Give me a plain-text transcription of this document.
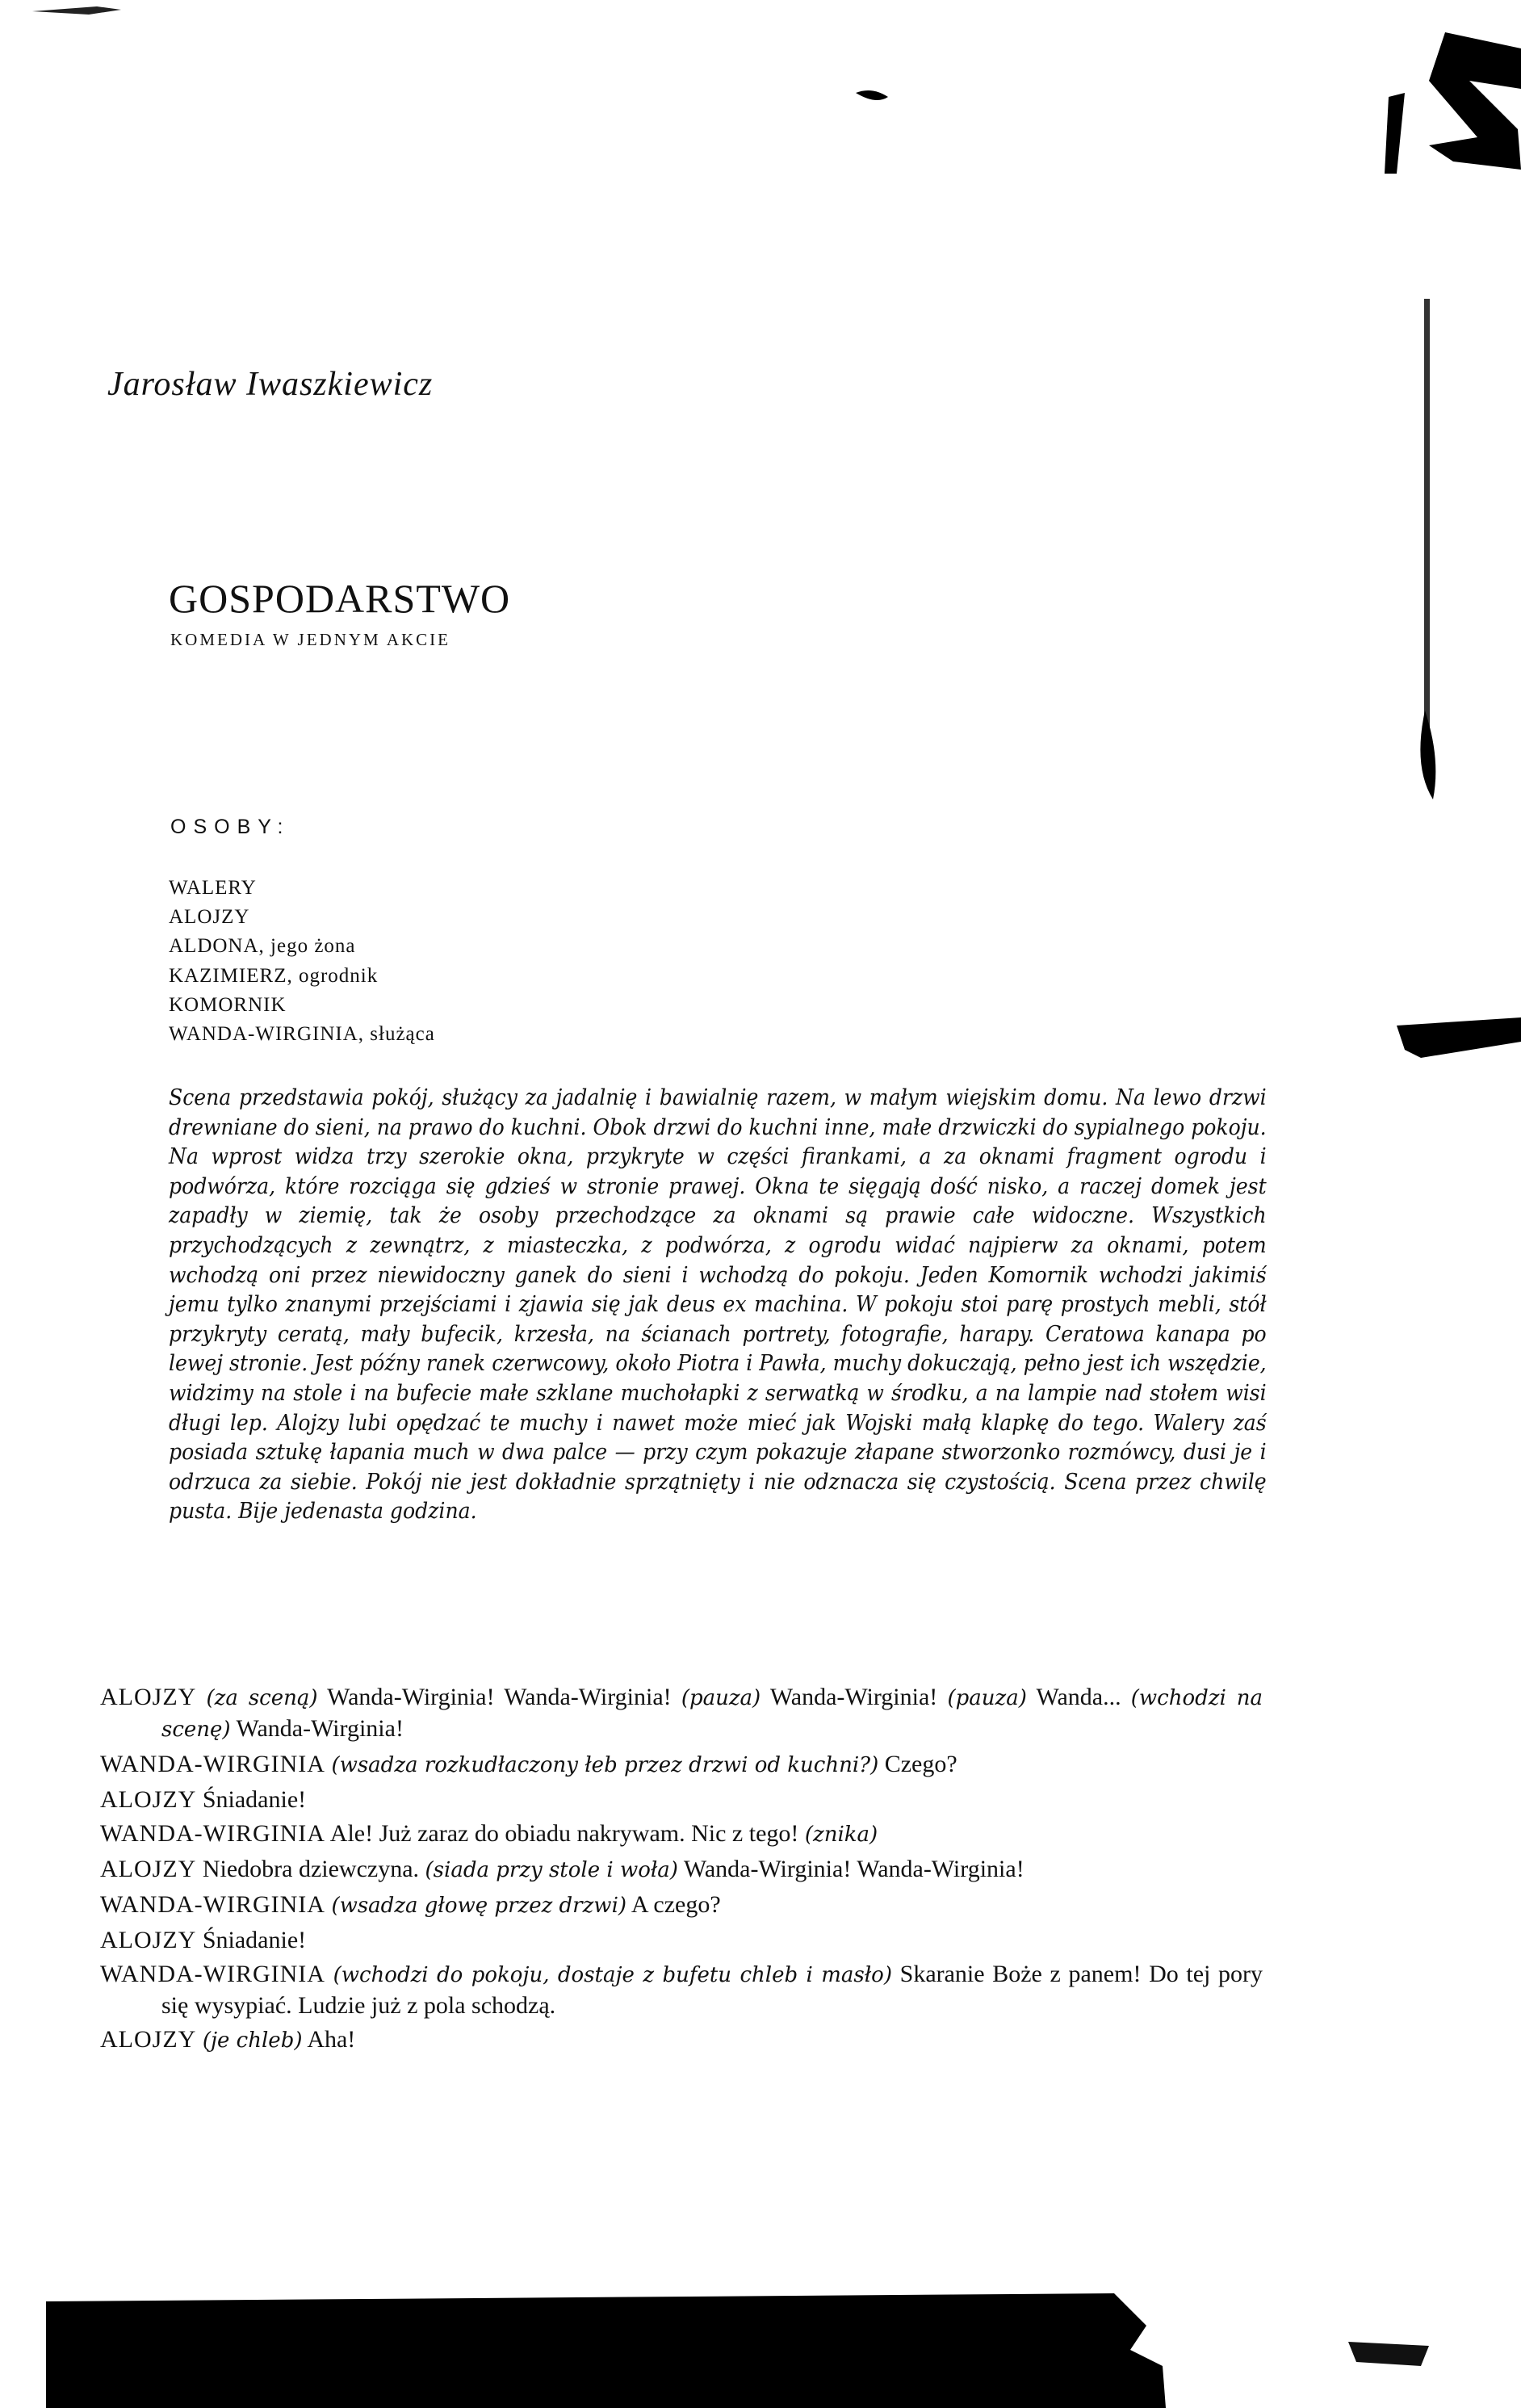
Jarosław Iwaszkiewicz
GOSPODARSTWO
KOMEDIA W JEDNYM AKCIE
OSOBY:
WALERY
ALOJZY
ALDONA, jego żona
KAZIMIERZ, ogrodnik
KOMORNIK
WANDA-WIRGINIA, służąca
Scena przedstawia pokój, służący za jadalnię i bawialnię razem, w małym wiejskim domu. Na lewo drzwi drewniane do sieni, na prawo do kuchni. Obok drzwi do kuchni inne, małe drzwiczki do sypialnego pokoju. Na wprost widza trzy szerokie okna, przykryte w części firankami, a za oknami fragment ogrodu i podwórza, które rozciąga się gdzieś w stronie prawej. Okna te sięgają dość nisko, a raczej domek jest zapadły w ziemię, tak że osoby przechodzące za oknami są prawie całe widoczne. Wszystkich przychodzących z zewnątrz, z miasteczka, z podwórza, z ogrodu widać najpierw za oknami, potem wchodzą oni przez niewidoczny ganek do sieni i wchodzą do pokoju. Jeden Komornik wchodzi jakimiś jemu tylko znanymi przejściami i zjawia się jak deus ex machina. W pokoju stoi parę prostych mebli, stół przykryty ceratą, mały bufecik, krzesła, na ścianach portrety, fotografie, harapy. Ceratowa kanapa po lewej stronie. Jest późny ranek czerwcowy, około Piotra i Pawła, muchy dokuczają, pełno jest ich wszędzie, widzimy na stole i na bufecie małe szklane muchołapki z serwatką w środku, a na lampie nad stołem wisi długi lep. Alojzy lubi opędzać te muchy i nawet może mieć jak Wojski małą klapkę do tego. Walery zaś posiada sztukę łapania much w dwa palce — przy czym pokazuje złapane stworzonko rozmówcy, dusi je i odrzuca za siebie. Pokój nie jest dokładnie sprzątnięty i nie odznacza się czystością. Scena przez chwilę pusta. Bije jedenasta godzina.
ALOJZY (za sceną) Wanda-Wirginia! Wanda-Wirginia! (pauza) Wanda-Wirginia! (pauza) Wanda... (wchodzi na scenę) Wanda-Wirginia!
WANDA-WIRGINIA (wsadza rozkudłaczony łeb przez drzwi od kuchni?) Czego?
ALOJZY Śniadanie!
WANDA-WIRGINIA Ale! Już zaraz do obiadu nakrywam. Nic z tego! (znika)
ALOJZY Niedobra dziewczyna. (siada przy stole i woła) Wanda-Wirginia! Wanda-Wirginia!
WANDA-WIRGINIA (wsadza głowę przez drzwi) A czego?
ALOJZY Śniadanie!
WANDA-WIRGINIA (wchodzi do pokoju, dostaje z bufetu chleb i masło) Skaranie Boże z panem! Do tej pory się wysypiać. Ludzie już z pola schodzą.
ALOJZY (je chleb) Aha!
